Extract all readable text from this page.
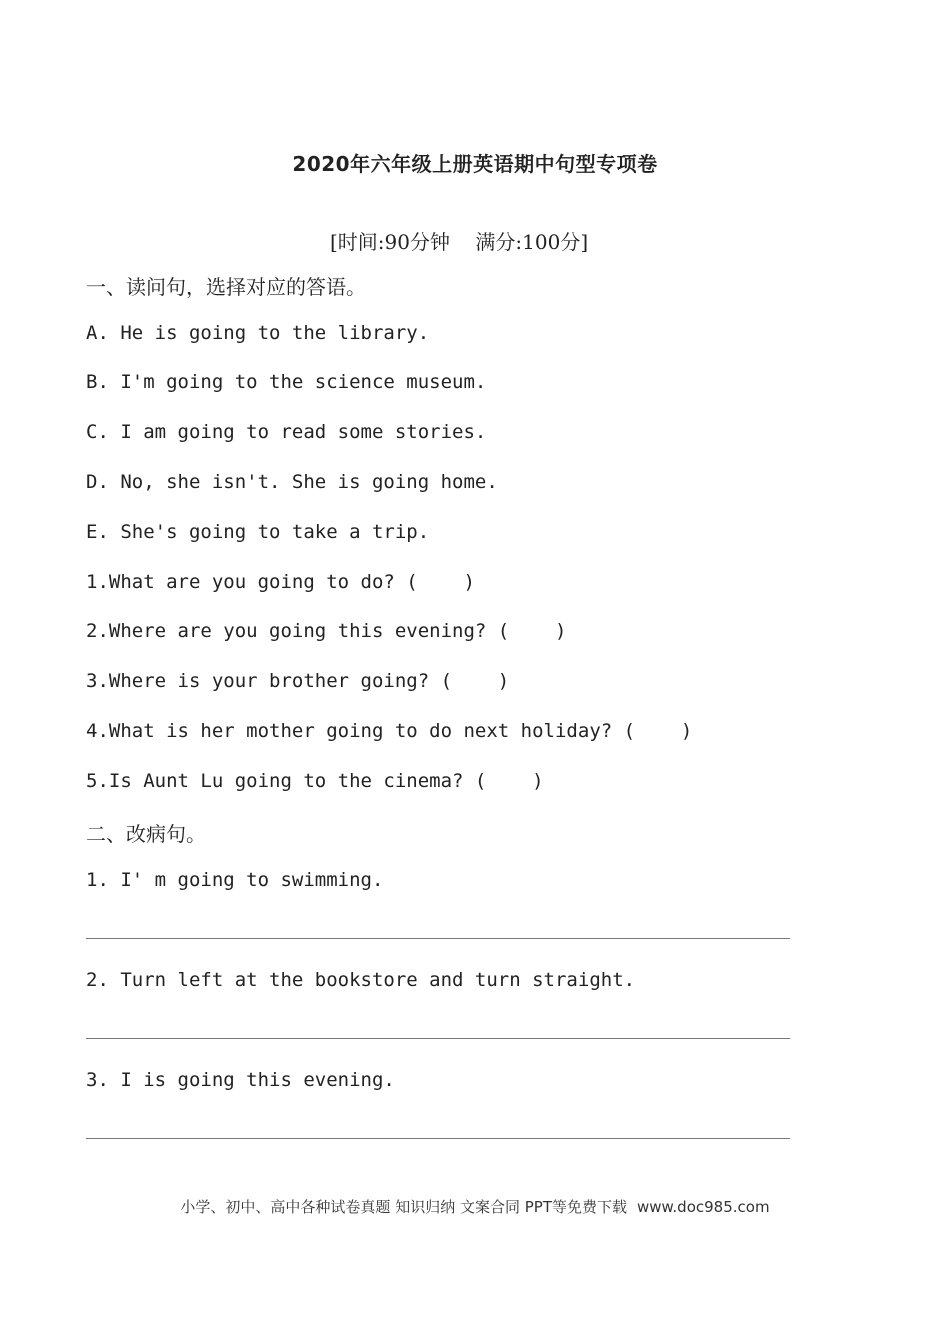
2020年六年级上册英语期中句型专项卷
[时间:90分钟    满分:100分]
一、读问句，选择对应的答语。
A. He is going to the library.
B. I'm going to the science museum.
C. I am going to read some stories.
D. No, she isn't. She is going home.
E. She's going to take a trip.
1.What are you going to do? (    )
2.Where are you going this evening? (    )
3.Where is your brother going? (    )
4.What is her mother going to do next holiday? (    )
5.Is Aunt Lu going to the cinema? (    )
二、改病句。
1. I' m going to swimming.
2. Turn left at the bookstore and turn straight.
3. I is going this evening.
小学、初中、高中各种试卷真题 知识归纳 文案合同 PPT等免费下载 www.doc985.com
